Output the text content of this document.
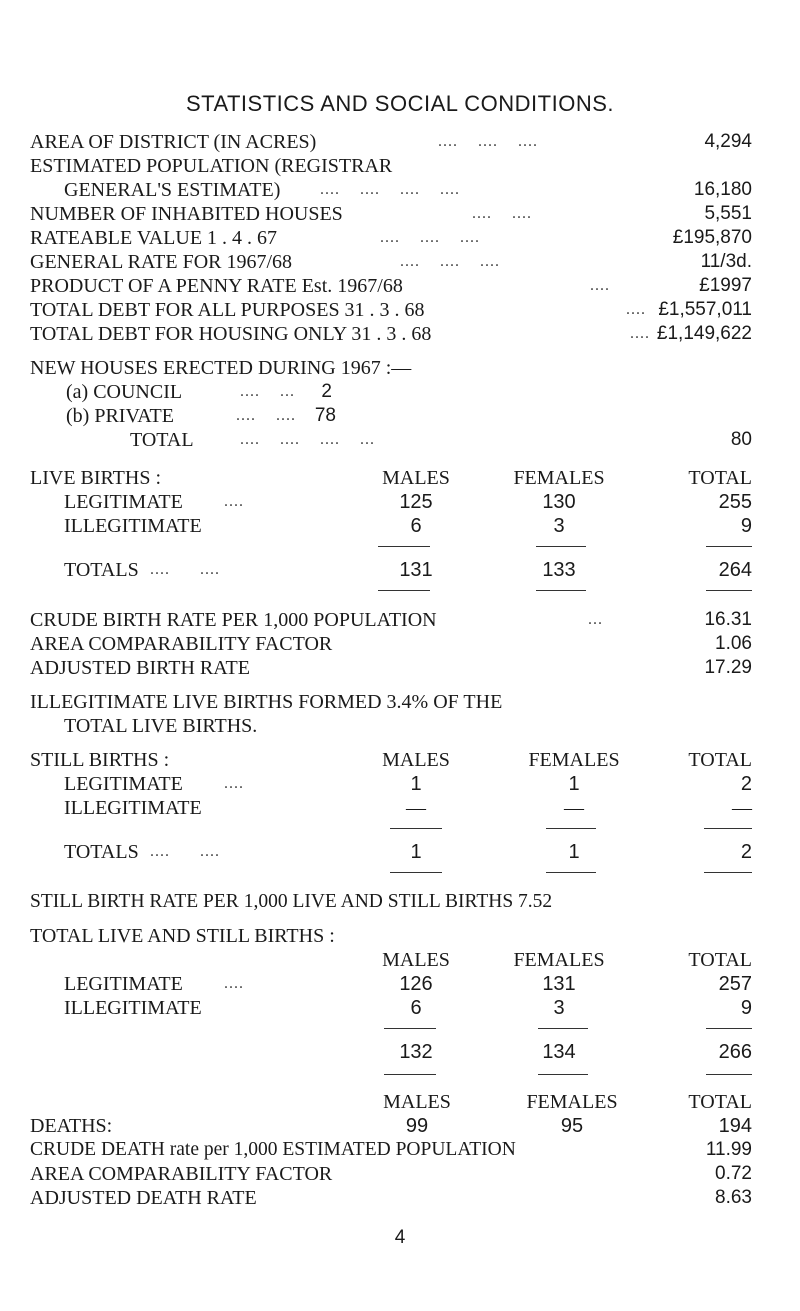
STATISTICS AND SOCIAL CONDITIONS.
AREA OF DISTRICT (IN ACRES)	....    ....    ....	4,294
ESTIMATED POPULATION (REGISTRAR
GENERAL'S ESTIMATE) ....    ....    ....    ....	16,180
NUMBER OF INHABITED HOUSES	....    ....	5,551
RATEABLE VALUE 1 . 4 . 67	....    ....    ....	£195,870
GENERAL RATE FOR 1967/68	....    ....    ....	11/3d.
PRODUCT OF A PENNY RATE Est. 1967/68	....	£1997
TOTAL DEBT FOR ALL PURPOSES 31 . 3 . 68	.... £1,557,011
TOTAL DEBT FOR HOUSING ONLY 31 . 3 . 68	.... £1,149,622
NEW HOUSES ERECTED DURING 1967 :—
(a) COUNCIL	....    ... 2
(b) PRIVATE	....    .... 78
TOTAL	....    ....    ....    ...	80
LIVE BIRTHS :	MALES	FEMALES	TOTAL
LEGITIMATE	....	125	130	255
ILLEGITIMATE	6	3	9
TOTALS ....      ....	131	133	264
CRUDE BIRTH RATE PER 1,000 POPULATION	...	16.31
AREA COMPARABILITY FACTOR	1.06
ADJUSTED BIRTH RATE	17.29
ILLEGITIMATE LIVE BIRTHS FORMED 3.4% OF THE
TOTAL LIVE BIRTHS.
STILL BIRTHS :	MALES	FEMALES	TOTAL
LEGITIMATE	....	1	1	2
ILLEGITIMATE	—	—	—
TOTALS ....      ....	1	1	2
STILL BIRTH RATE PER 1,000 LIVE AND STILL BIRTHS 7.52
TOTAL LIVE AND STILL BIRTHS :
MALES	FEMALES	TOTAL
LEGITIMATE	....	126	131	257
ILLEGITIMATE	6	3	9
132	134	266
MALES	FEMALES	TOTAL
DEATHS:	99	95	194
CRUDE DEATH rate per 1,000 ESTIMATED POPULATION	11.99
AREA COMPARABILITY FACTOR	0.72
ADJUSTED DEATH RATE	8.63
4
